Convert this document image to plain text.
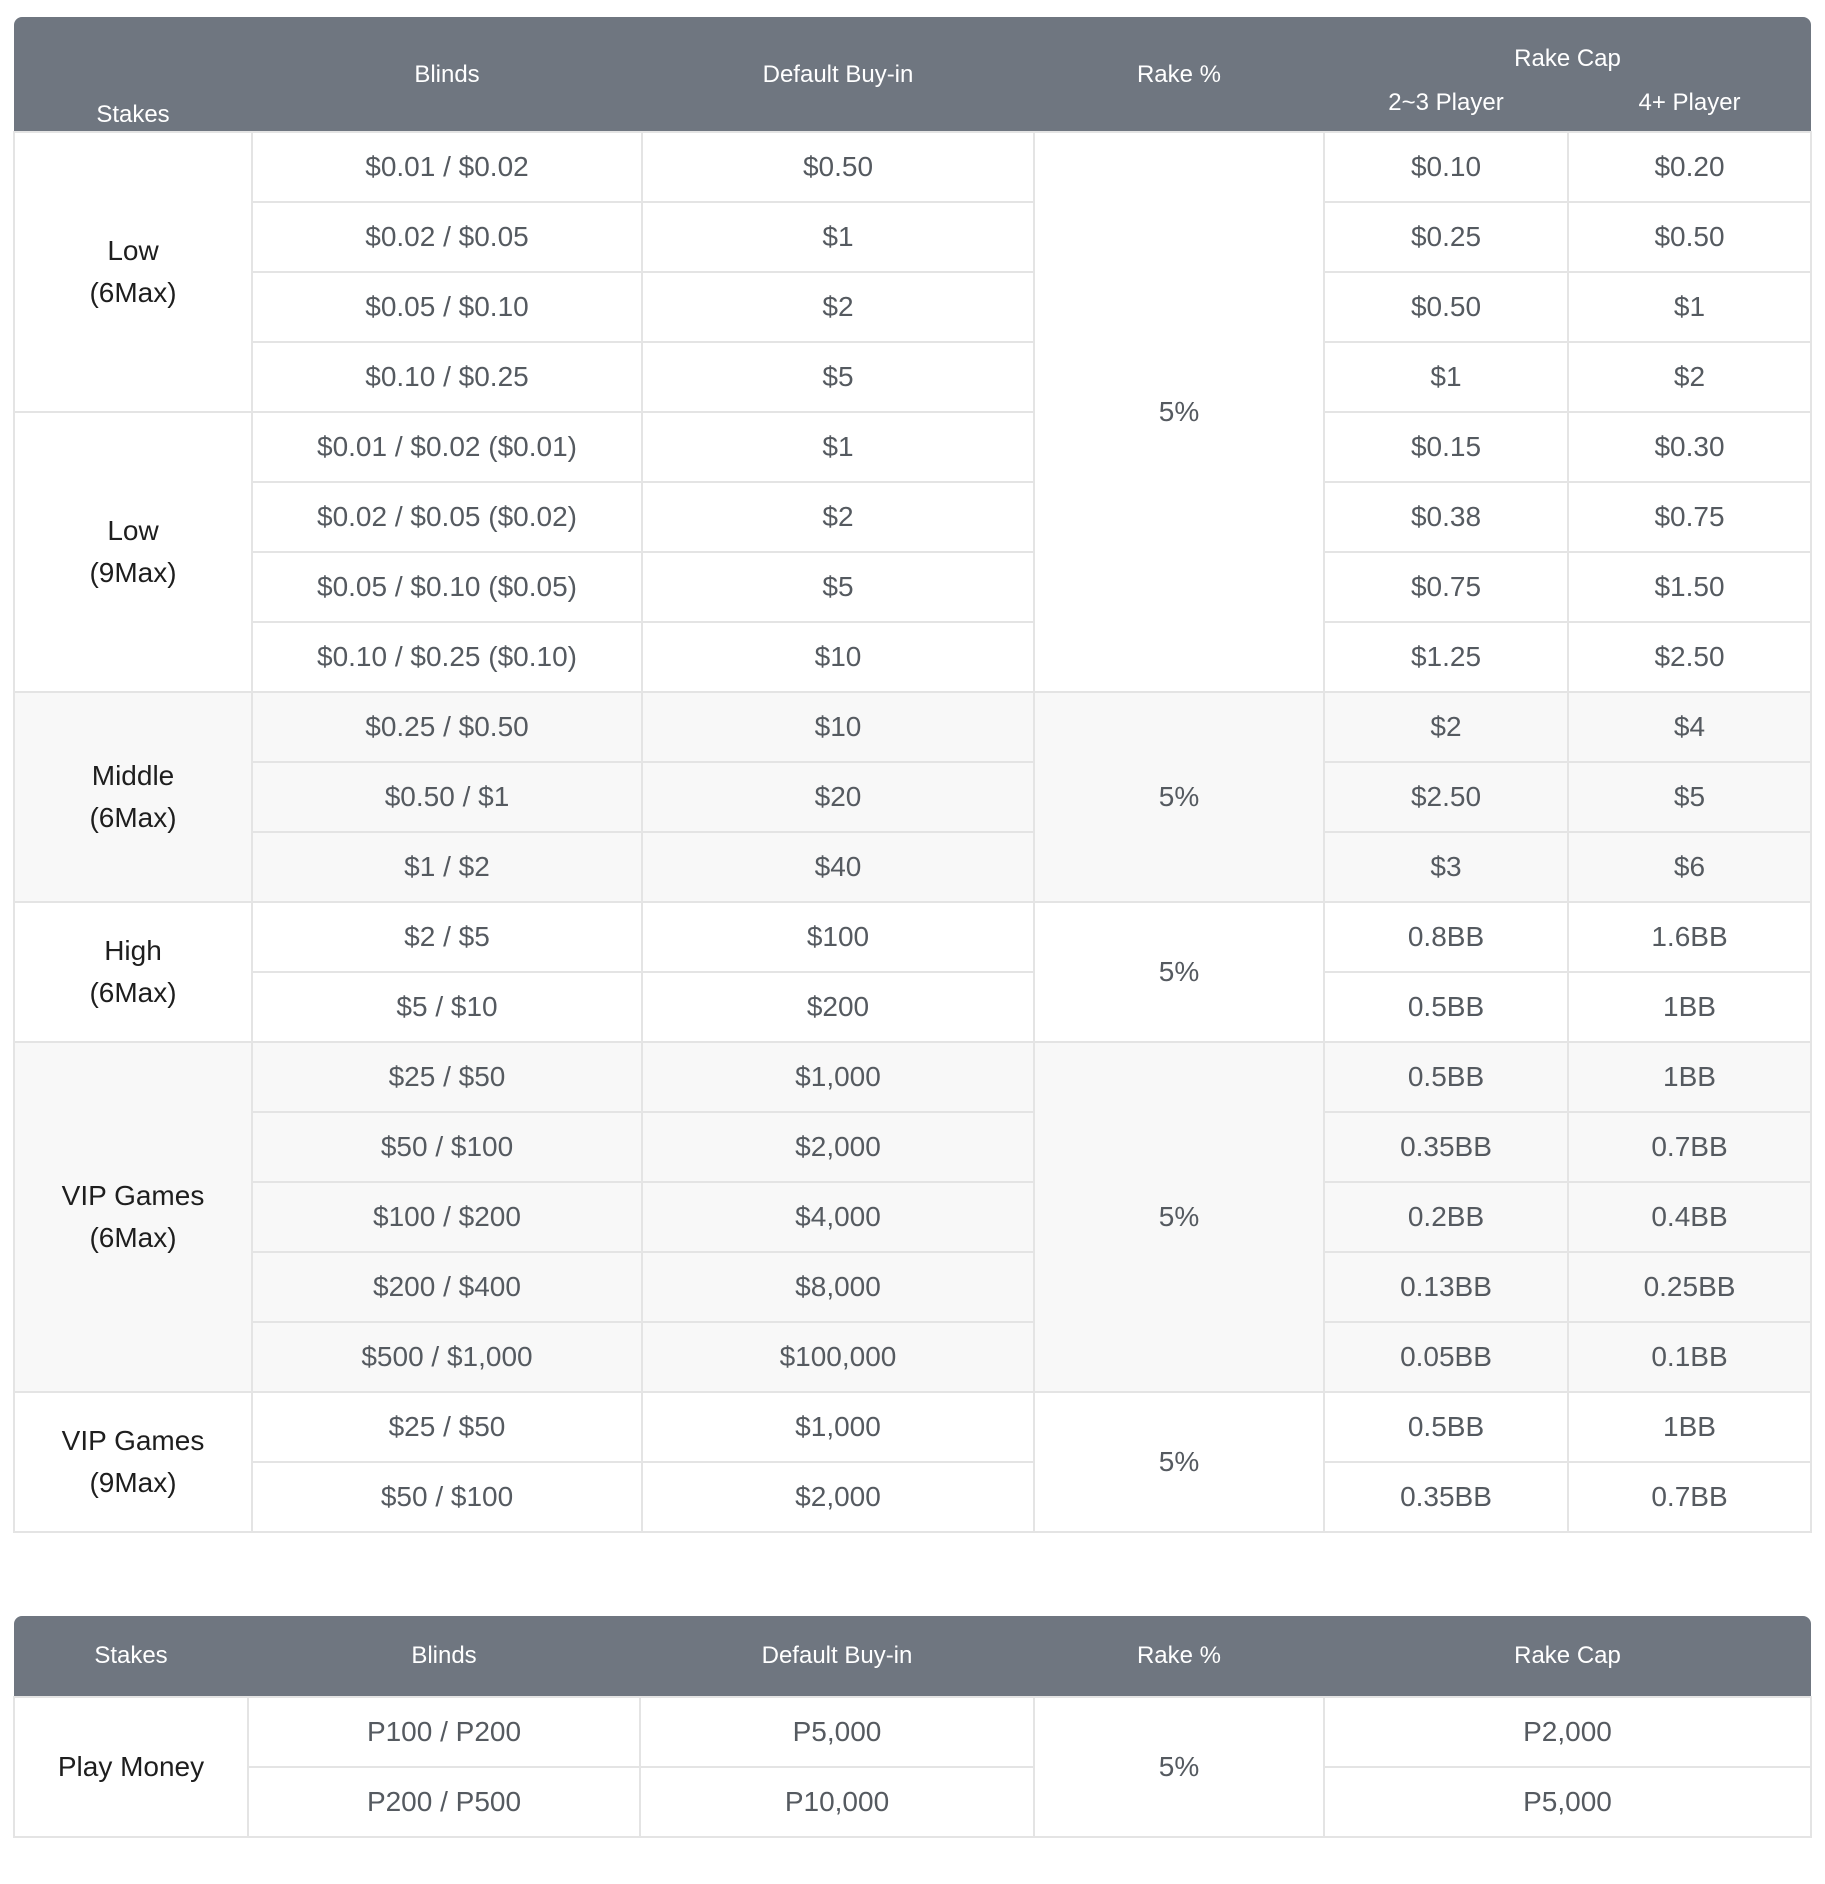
Stakes	Blinds	Default Buy-in	Rake %	Rake Cap	
				2~3 Player	4+ Player
Low
(6Max)	$0.01 / $0.02	$0.50	5%	$0.10	$0.20
	$0.02 / $0.05	$1		$0.25	$0.50
	$0.05 / $0.10	$2		$0.50	$1
	$0.10 / $0.25	$5		$1	$2
Low
(9Max)	$0.01 / $0.02 ($0.01)	$1		$0.15	$0.30
	$0.02 / $0.05 ($0.02)	$2		$0.38	$0.75
	$0.05 / $0.10 ($0.05)	$5		$0.75	$1.50
	$0.10 / $0.25 ($0.10)	$10		$1.25	$2.50
Middle
(6Max)	$0.25 / $0.50	$10	5%	$2	$4
	$0.50 / $1	$20		$2.50	$5
	$1 / $2	$40		$3	$6
High
(6Max)	$2 / $5	$100	5%	0.8BB	1.6BB
	$5 / $10	$200		0.5BB	1BB
VIP Games
(6Max)	$25 / $50	$1,000	5%	0.5BB	1BB
	$50 / $100	$2,000		0.35BB	0.7BB
	$100 / $200	$4,000		0.2BB	0.4BB
	$200 / $400	$8,000		0.13BB	0.25BB
	$500 / $1,000	$100,000		0.05BB	0.1BB
VIP Games
(9Max)	$25 / $50	$1,000	5%	0.5BB	1BB
	$50 / $100	$2,000		0.35BB	0.7BB
Stakes	Blinds	Default Buy-in	Rake %	Rake Cap
Play Money	P100 / P200	P5,000	5%	P2,000
	P200 / P500	P10,000		P5,000
